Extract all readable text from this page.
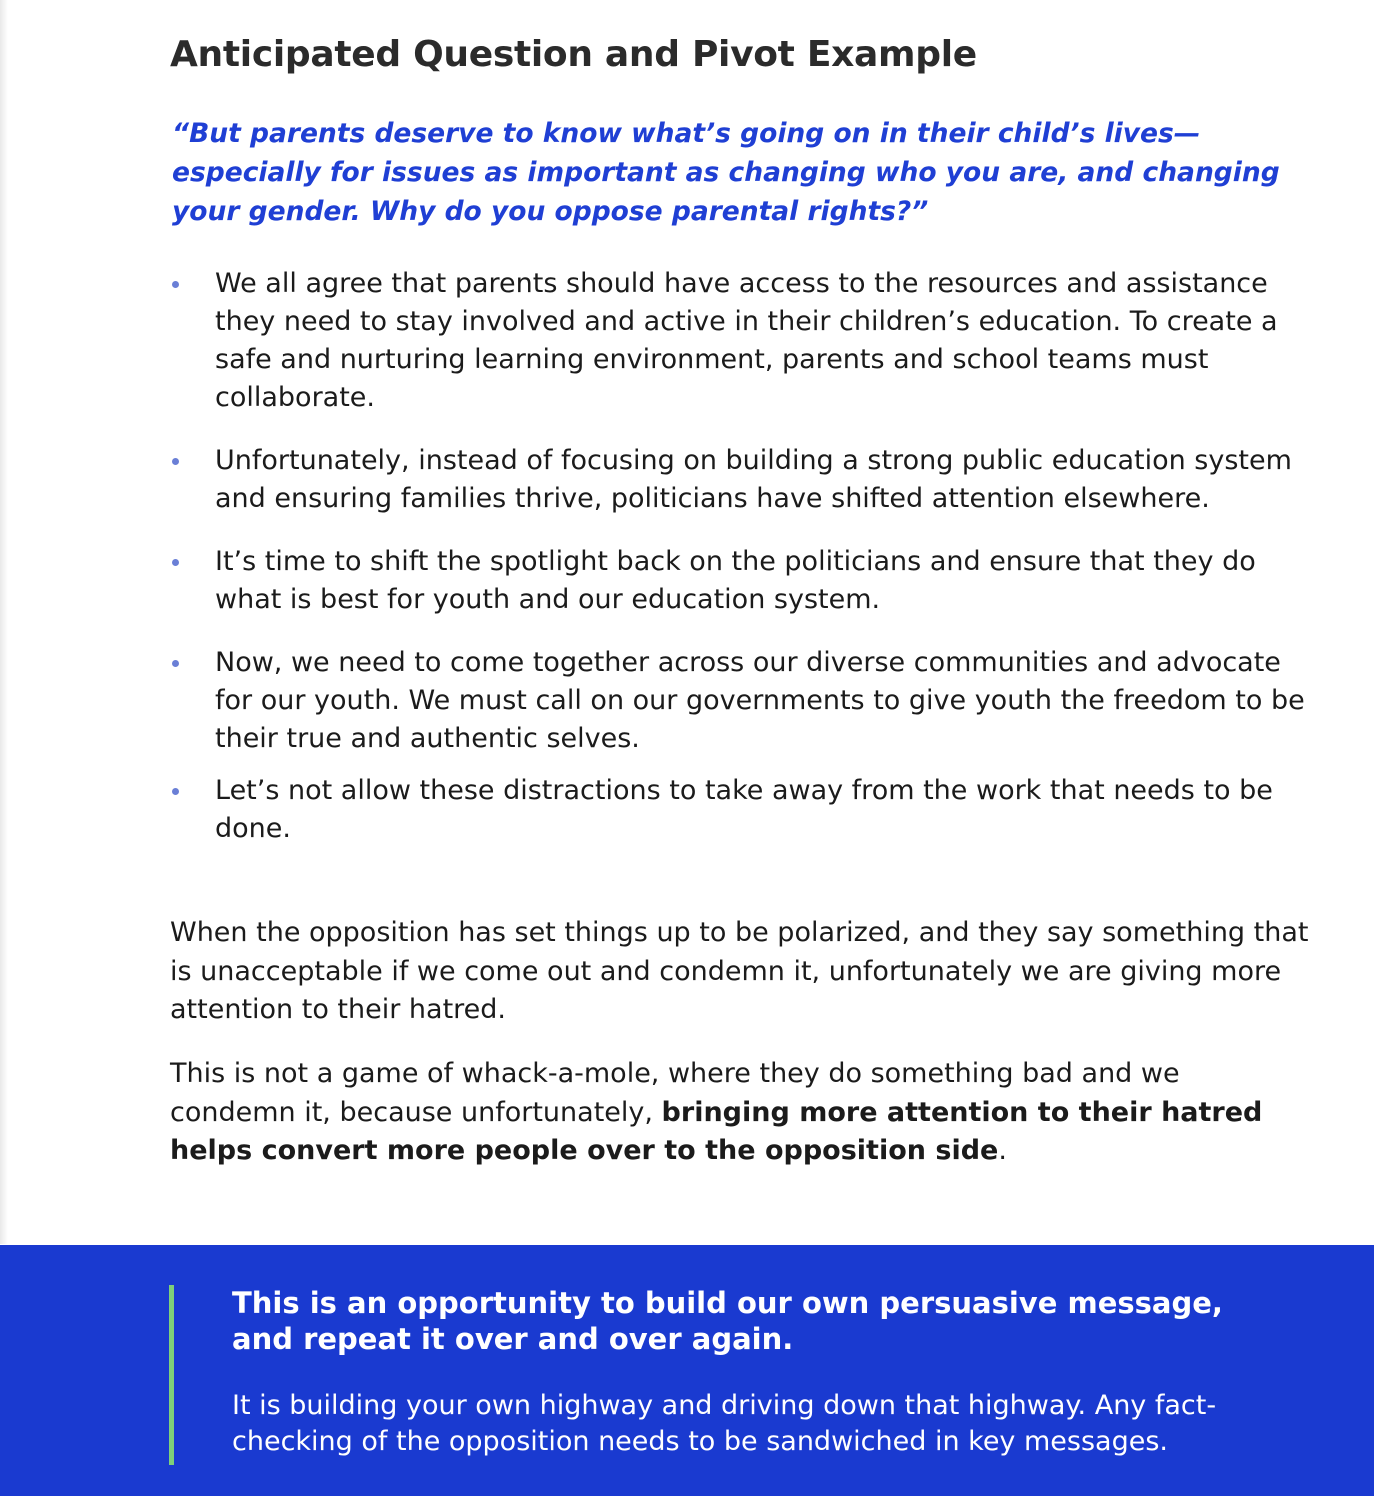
Anticipated Question and Pivot Example

“But parents deserve to know what’s going on in their child’s lives—especially for issues as important as changing who you are, and changing your gender. Why do you oppose parental rights?”

We all agree that parents should have access to the resources and assistance they need to stay involved and active in their children’s education. To create a safe and nurturing learning environment, parents and school teams must collaborate.
Unfortunately, instead of focusing on building a strong public education system and ensuring families thrive, politicians have shifted attention elsewhere.
It’s time to shift the spotlight back on the politicians and ensure that they do what is best for youth and our education system.
Now, we need to come together across our diverse communities and advocate for our youth. We must call on our governments to give youth the freedom to be their true and authentic selves.
Let’s not allow these distractions to take away from the work that needs to be done.

When the opposition has set things up to be polarized, and they say something that is unacceptable if we come out and condemn it, unfortunately we are giving more attention to their hatred.

This is not a game of whack-a-mole, where they do something bad and we condemn it, because unfortunately, bringing more attention to their hatred helps convert more people over to the opposition side.

This is an opportunity to build our own persuasive message, and repeat it over and over again.

It is building your own highway and driving down that highway. Any fact-checking of the opposition needs to be sandwiched in key messages.
